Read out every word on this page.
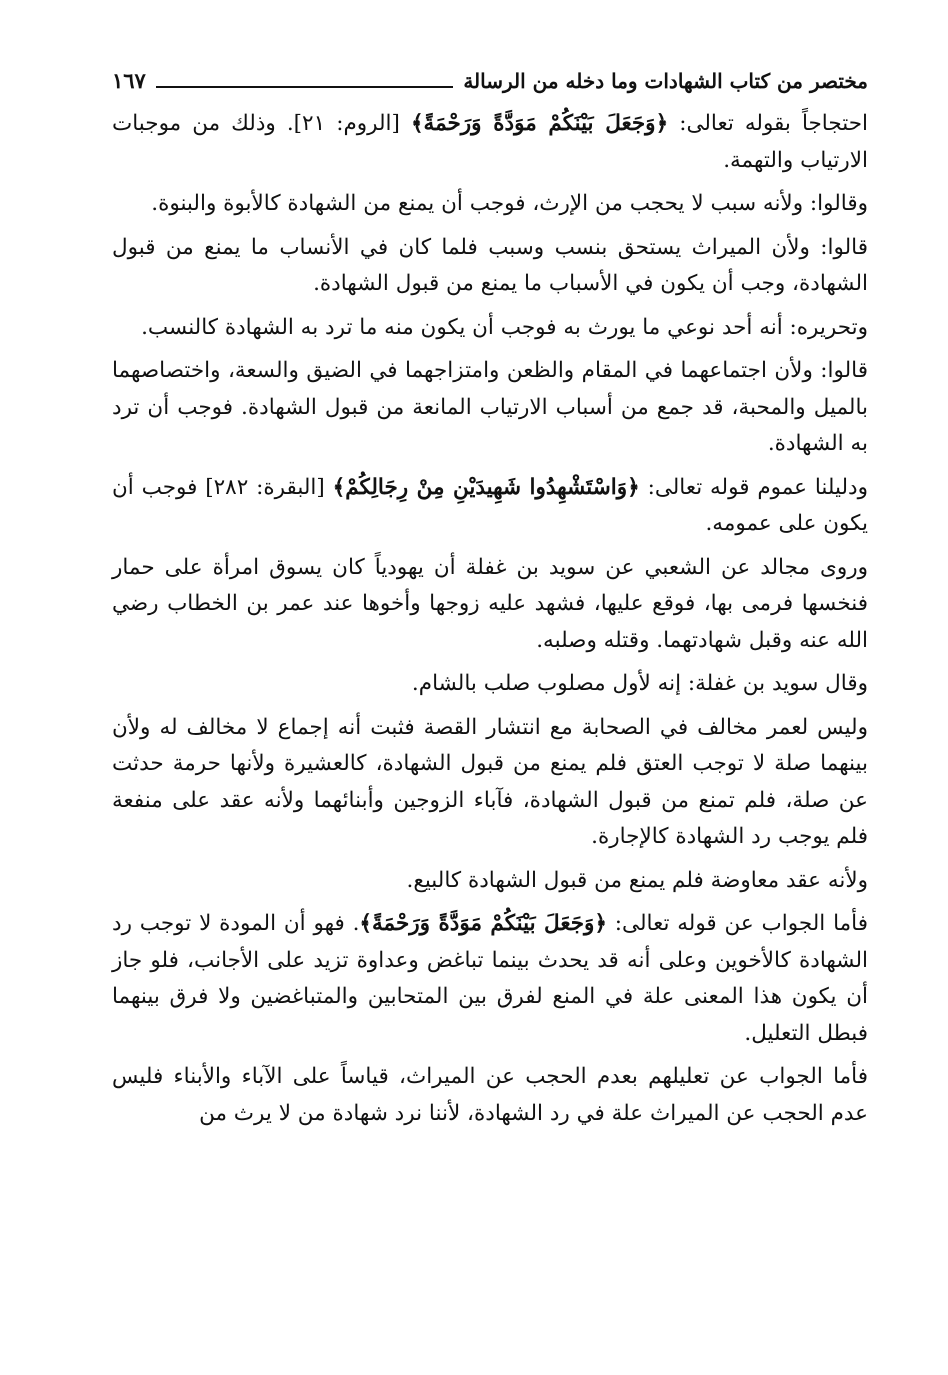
مختصر من كتاب الشهادات وما دخله من الرسالة
١٦٧

احتجاجاً بقوله تعالى: ﴿وَجَعَلَ بَيْنَكُمْ مَوَدَّةً وَرَحْمَةً﴾ [الروم: ٢١]. وذلك من موجبات الارتياب والتهمة.

وقالوا: ولأنه سبب لا يحجب من الإرث، فوجب أن يمنع من الشهادة كالأبوة والبنوة.

قالوا: ولأن الميراث يستحق بنسب وسبب فلما كان في الأنساب ما يمنع من قبول الشهادة، وجب أن يكون في الأسباب ما يمنع من قبول الشهادة.

وتحريره: أنه أحد نوعي ما يورث به فوجب أن يكون منه ما ترد به الشهادة كالنسب.

قالوا: ولأن اجتماعهما في المقام والظعن وامتزاجهما في الضيق والسعة، واختصاصهما بالميل والمحبة، قد جمع من أسباب الارتياب المانعة من قبول الشهادة. فوجب أن ترد به الشهادة.

ودليلنا عموم قوله تعالى: ﴿وَاسْتَشْهِدُوا شَهِيدَيْنِ مِنْ رِجَالِكُمْ﴾ [البقرة: ٢٨٢] فوجب أن يكون على عمومه.

وروى مجالد عن الشعبي عن سويد بن غفلة أن يهودياً كان يسوق امرأة على حمار فنخسها فرمى بها، فوقع عليها، فشهد عليه زوجها وأخوها عند عمر بن الخطاب رضي الله عنه وقبل شهادتهما. وقتله وصلبه.

وقال سويد بن غفلة: إنه لأول مصلوب صلب بالشام.

وليس لعمر مخالف في الصحابة مع انتشار القصة فثبت أنه إجماع لا مخالف له ولأن بينهما صلة لا توجب العتق فلم يمنع من قبول الشهادة، كالعشيرة ولأنها حرمة حدثت عن صلة، فلم تمنع من قبول الشهادة، فآباء الزوجين وأبنائهما ولأنه عقد على منفعة فلم يوجب رد الشهادة كالإجارة.

ولأنه عقد معاوضة فلم يمنع من قبول الشهادة كالبيع.

فأما الجواب عن قوله تعالى: ﴿وَجَعَلَ بَيْنَكُمْ مَوَدَّةً وَرَحْمَةً﴾. فهو أن المودة لا توجب رد الشهادة كالأخوين وعلى أنه قد يحدث بينما تباغض وعداوة تزيد على الأجانب، فلو جاز أن يكون هذا المعنى علة في المنع لفرق بين المتحابين والمتباغضين ولا فرق بينهما فبطل التعليل.

فأما الجواب عن تعليلهم بعدم الحجب عن الميراث، قياساً على الآباء والأبناء فليس عدم الحجب عن الميراث علة في رد الشهادة، لأننا نرد شهادة من لا يرث من
